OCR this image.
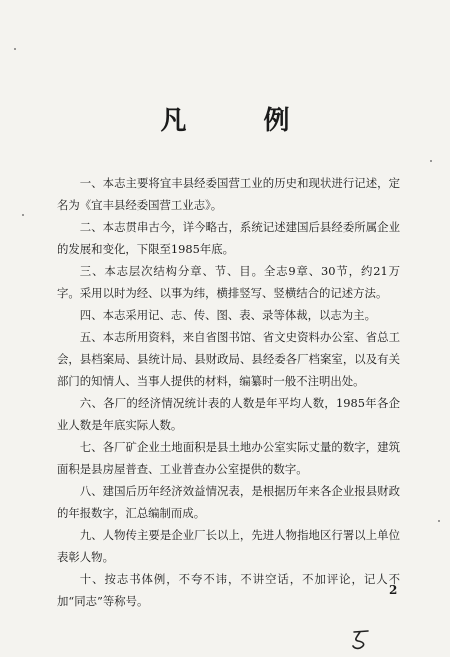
凡 例

一、本志主要将宜丰县经委国营工业的历史和现状进行记述，定名为《宜丰县经委国营工业志》。

二、本志贯串古今，详今略古，系统记述建国后县经委所属企业的发展和变化，下限至1985年底。

三、本志层次结构分章、节、目。全志9章、30节，约21万字。采用以时为经、以事为纬，横排竖写、竖横结合的记述方法。

四、本志采用记、志、传、图、表、录等体裁，以志为主。

五、本志所用资料，来自省图书馆、省文史资料办公室、省总工会，县档案局、县统计局、县财政局、县经委各厂档案室，以及有关部门的知情人、当事人提供的材料，编纂时一般不注明出处。

六、各厂的经济情况统计表的人数是年平均人数，1985年各企业人数是年底实际人数。

七、各厂矿企业土地面积是县土地办公室实际丈量的数字，建筑面积是县房屋普查、工业普查办公室提供的数字。

八、建国后历年经济效益情况表，是根据历年来各企业报县财政的年报数字，汇总编制而成。

九、人物传主要是企业厂长以上，先进人物指地区行署以上单位表彰人物。

十、按志书体例，不夸不讳，不讲空话，不加评论，记人不加“同志”等称号。

2
